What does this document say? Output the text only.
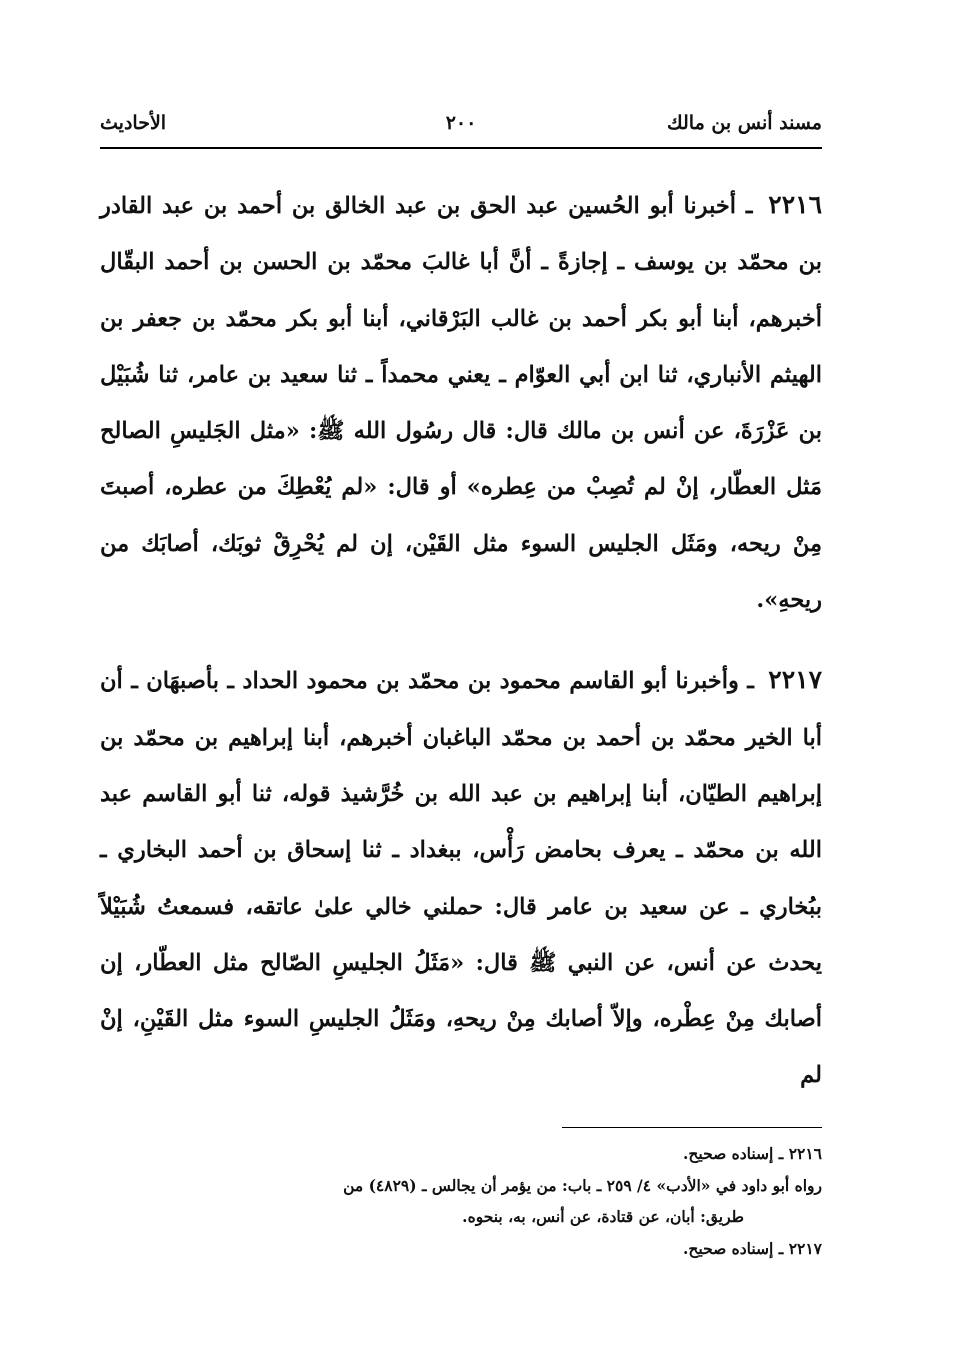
مسند أنس بن مالك
٢٠٠
الأحاديث

٢٢١٦ ـ أخبرنا أبو الحُسين عبد الحق بن عبد الخالق بن أحمد بن عبد القادر بن محمّد بن يوسف ـ إجازةً ـ أنَّ أبا غالبَ محمّد بن الحسن بن أحمد البقّال أخبرهم، أبنا أبو بكر أحمد بن غالب البَرْقاني، أبنا أبو بكر محمّد بن جعفر بن الهيثم الأنباري، ثنا ابن أبي العوّام ـ يعني محمداً ـ ثنا سعيد بن عامر، ثنا شُبَيْل بن عَزْرَةَ، عن أنس بن مالك قال: قال رسُول الله ﷺ: «مثل الجَليسِ الصالح مَثل العطّار، إنْ لم تُصِبْ من عِطره» أو قال: «لم يُعْطِكَ من عطره، أصبتَ مِنْ ريحه، ومَثَل الجليس السوء مثل القَيْن، إن لم يُحْرِقْ ثوبَك، أصابَك من ريحهِ».

٢٢١٧ ـ وأخبرنا أبو القاسم محمود بن محمّد بن محمود الحداد ـ بأصبهَان ـ أن أبا الخير محمّد بن أحمد بن محمّد الباغبان أخبرهم، أبنا إبراهيم بن محمّد بن إبراهيم الطيّان، أبنا إبراهيم بن عبد الله بن خُرَّشيذ قوله، ثنا أبو القاسم عبد الله بن محمّد ـ يعرف بحامض رَأْس، ببغداد ـ ثنا إسحاق بن أحمد البخاري ـ ببُخاري ـ عن سعيد بن عامر قال: حملني خالي علىٰ عاتقه، فسمعتُ شُبَيْلاً يحدث عن أنس، عن النبي ﷺ قال: «مَثَلُ الجليسِ الصّالح مثل العطّار، إن أصابك مِنْ عِطْره، وإلاّ أصابك مِنْ ريحهِ، ومَثَلُ الجليسِ السوء مثل القَيْنِ، إنْ لم

٢٢١٦ ـ إسناده صحيح.

رواه أبو داود في «الأدب» ٤/ ٢٥٩ ـ باب: من يؤمر أن يجالس ـ (٤٨٢٩) من

طريق: أبان، عن قتادة، عن أنس، به، بنحوه.

٢٢١٧ ـ إسناده صحيح.
